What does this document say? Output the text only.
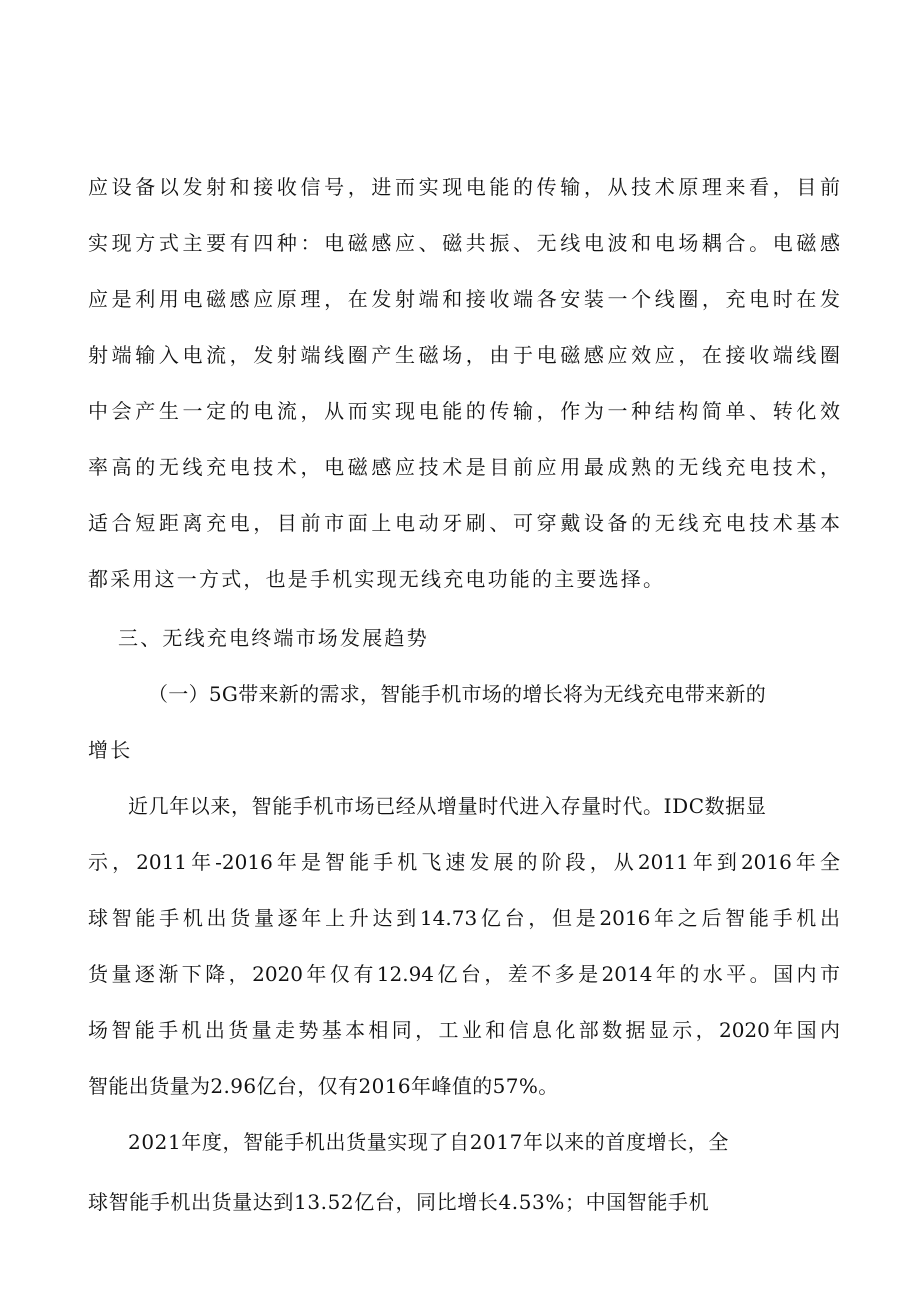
应设备以发射和接收信号，进而实现电能的传输，从技术原理来看，目前
实现方式主要有四种：电磁感应、磁共振、无线电波和电场耦合。电磁感
应是利用电磁感应原理，在发射端和接收端各安装一个线圈，充电时在发
射端输入电流，发射端线圈产生磁场，由于电磁感应效应，在接收端线圈
中会产生一定的电流，从而实现电能的传输，作为一种结构简单、转化效
率高的无线充电技术，电磁感应技术是目前应用最成熟的无线充电技术，
适合短距离充电，目前市面上电动牙刷、可穿戴设备的无线充电技术基本
都采用这一方式，也是手机实现无线充电功能的主要选择。
三、无线充电终端市场发展趋势
（一）5G带来新的需求，智能手机市场的增长将为无线充电带来新的
增长
近几年以来，智能手机市场已经从增量时代进入存量时代。IDC数据显
示，2011年-2016年是智能手机飞速发展的阶段，从2011年到2016年全
球智能手机出货量逐年上升达到14.73亿台，但是2016年之后智能手机出
货量逐渐下降，2020年仅有12.94亿台，差不多是2014年的水平。国内市
场智能手机出货量走势基本相同，工业和信息化部数据显示，2020年国内
智能出货量为2.96亿台，仅有2016年峰值的57%。
2021年度，智能手机出货量实现了自2017年以来的首度增长，全
球智能手机出货量达到13.52亿台，同比增长4.53%；中国智能手机
